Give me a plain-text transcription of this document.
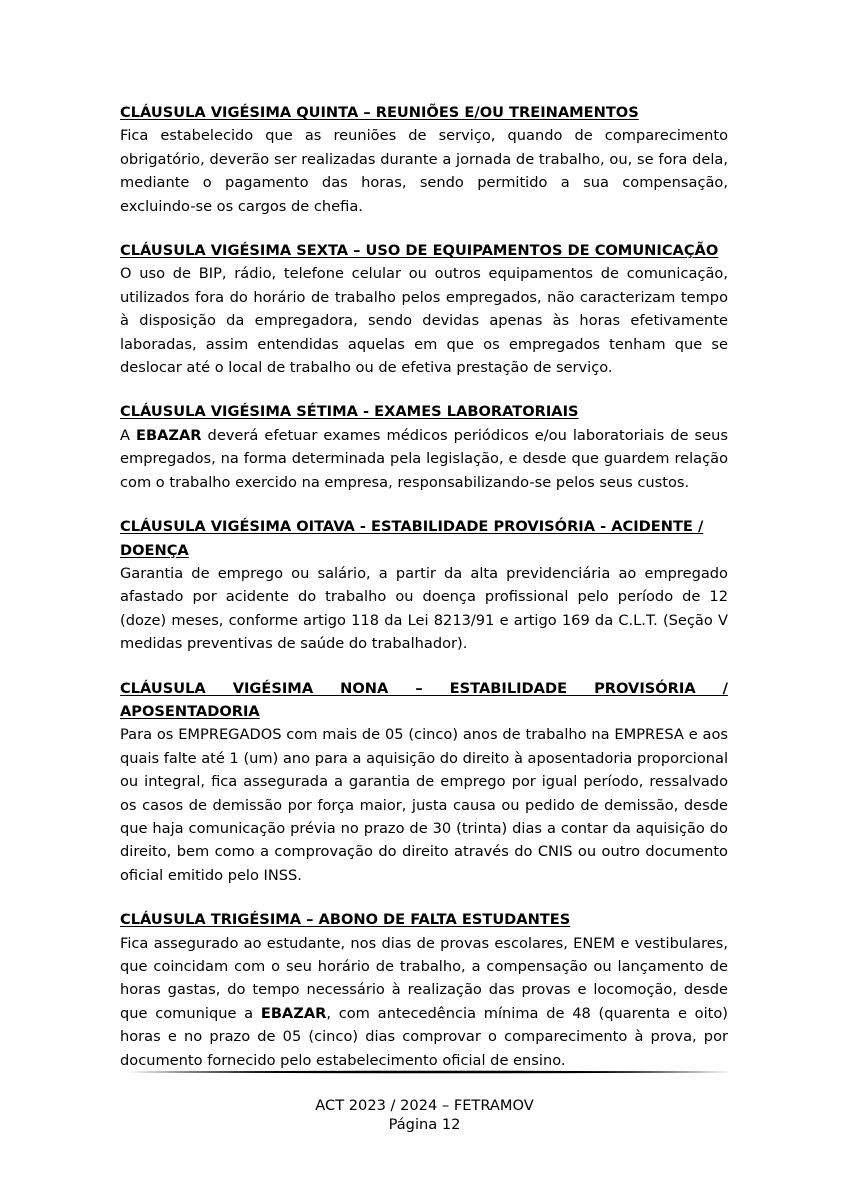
CLÁUSULA VIGÉSIMA QUINTA – REUNIÕES E/OU TREINAMENTOS

Fica estabelecido que as reuniões de serviço, quando de comparecimento obrigatório, deverão ser realizadas durante a jornada de trabalho, ou, se fora dela, mediante o pagamento das horas, sendo permitido a sua compensação, excluindo-se os cargos de chefia.

CLÁUSULA VIGÉSIMA SEXTA – USO DE EQUIPAMENTOS DE COMUNICAÇÃO

O uso de BIP, rádio, telefone celular ou outros equipamentos de comunicação, utilizados fora do horário de trabalho pelos empregados, não caracterizam tempo à disposição da empregadora, sendo devidas apenas às horas efetivamente laboradas, assim entendidas aquelas em que os empregados tenham que se deslocar até o local de trabalho ou de efetiva prestação de serviço.

CLÁUSULA VIGÉSIMA SÉTIMA - EXAMES LABORATORIAIS

A EBAZAR deverá efetuar exames médicos periódicos e/ou laboratoriais de seus empregados, na forma determinada pela legislação, e desde que guardem relação com o trabalho exercido na empresa, responsabilizando-se pelos seus custos.

CLÁUSULA VIGÉSIMA OITAVA - ESTABILIDADE PROVISÓRIA - ACIDENTE / DOENÇA

Garantia de emprego ou salário, a partir da alta previdenciária ao empregado afastado por acidente do trabalho ou doença profissional pelo período de 12 (doze) meses, conforme artigo 118 da Lei 8213/91 e artigo 169 da C.L.T. (Seção V medidas preventivas de saúde do trabalhador).

CLÁUSULA VIGÉSIMA NONA – ESTABILIDADE PROVISÓRIA /
APOSENTADORIA

Para os EMPREGADOS com mais de 05 (cinco) anos de trabalho na EMPRESA e aos quais falte até 1 (um) ano para a aquisição do direito à aposentadoria proporcional ou integral, fica assegurada a garantia de emprego por igual período, ressalvado os casos de demissão por força maior, justa causa ou pedido de demissão, desde que haja comunicação prévia no prazo de 30 (trinta) dias a contar da aquisição do direito, bem como a comprovação do direito através do CNIS ou outro documento oficial emitido pelo INSS.

CLÁUSULA TRIGÉSIMA – ABONO DE FALTA ESTUDANTES

Fica assegurado ao estudante, nos dias de provas escolares, ENEM e vestibulares, que coincidam com o seu horário de trabalho, a compensação ou lançamento de horas gastas, do tempo necessário à realização das provas e locomoção, desde que comunique a EBAZAR, com antecedência mínima de 48 (quarenta e oito) horas e no prazo de 05 (cinco) dias comprovar o comparecimento à prova, por documento fornecido pelo estabelecimento oficial de ensino.

ACT 2023 / 2024 – FETRAMOV
Página 12
